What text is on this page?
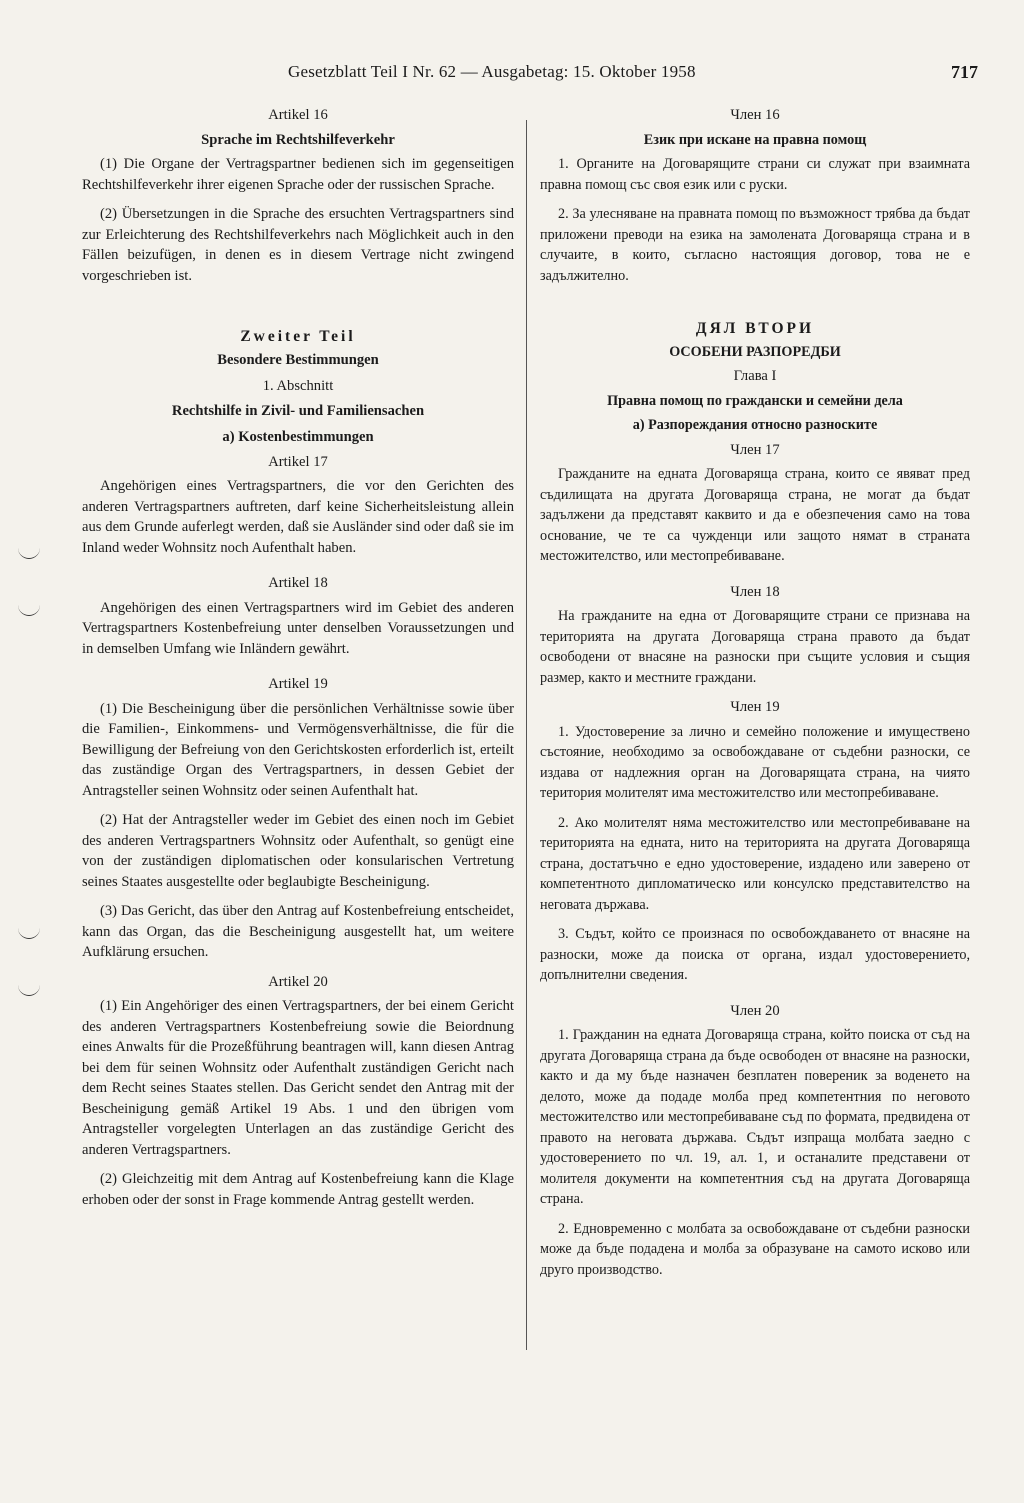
Gesetzblatt Teil I Nr. 62 — Ausgabetag: 15. Oktober 1958	717
Artikel 16
Sprache im Rechtshilfeverkehr

(1) Die Organe der Vertragspartner bedienen sich im gegenseitigen Rechtshilfeverkehr ihrer eigenen Sprache oder der russischen Sprache.

(2) Übersetzungen in die Sprache des ersuchten Vertragspartners sind zur Erleichterung des Rechtshilfeverkehrs nach Möglichkeit auch in den Fällen beizufügen, in denen es in diesem Vertrage nicht zwingend vorgeschrieben ist.

Zweiter Teil
Besondere Bestimmungen
1. Abschnitt
Rechtshilfe in Zivil- und Familiensachen
a) Kostenbestimmungen
Artikel 17

Angehörigen eines Vertragspartners, die vor den Gerichten des anderen Vertragspartners auftreten, darf keine Sicherheitsleistung allein aus dem Grunde auferlegt werden, daß sie Ausländer sind oder daß sie im Inland weder Wohnsitz noch Aufenthalt haben.

Artikel 18

Angehörigen des einen Vertragspartners wird im Gebiet des anderen Vertragspartners Kostenbefreiung unter denselben Voraussetzungen und in demselben Umfang wie Inländern gewährt.

Artikel 19

(1) Die Bescheinigung über die persönlichen Verhältnisse sowie über die Familien-, Einkommens- und Vermögensverhältnisse, die für die Bewilligung der Befreiung von den Gerichtskosten erforderlich ist, erteilt das zuständige Organ des Vertragspartners, in dessen Gebiet der Antragsteller seinen Wohnsitz oder seinen Aufenthalt hat.

(2) Hat der Antragsteller weder im Gebiet des einen noch im Gebiet des anderen Vertragspartners Wohnsitz oder Aufenthalt, so genügt eine von der zuständigen diplomatischen oder konsularischen Vertretung seines Staates ausgestellte oder beglaubigte Bescheinigung.

(3) Das Gericht, das über den Antrag auf Kostenbefreiung entscheidet, kann das Organ, das die Bescheinigung ausgestellt hat, um weitere Aufklärung ersuchen.

Artikel 20

(1) Ein Angehöriger des einen Vertragspartners, der bei einem Gericht des anderen Vertragspartners Kostenbefreiung sowie die Beiordnung eines Anwalts für die Prozeßführung beantragen will, kann diesen Antrag bei dem für seinen Wohnsitz oder Aufenthalt zuständigen Gericht nach dem Recht seines Staates stellen. Das Gericht sendet den Antrag mit der Bescheinigung gemäß Artikel 19 Abs. 1 und den übrigen vom Antragsteller vorgelegten Unterlagen an das zuständige Gericht des anderen Vertragspartners.

(2) Gleichzeitig mit dem Antrag auf Kostenbefreiung kann die Klage erhoben oder der sonst in Frage kommende Antrag gestellt werden.

Член 16
Език при искане на правна помощ

1. Органите на Договарящите страни си служат при взаимната правна помощ със своя език или с руски.

2. За улесняване на правната помощ по възможност трябва да бъдат приложени преводи на езика на замолената Договаряща страна и в случаите, в които, съгласно настоящия договор, това не е задължително.

ДЯЛ ВТОРИ
ОСОБЕНИ РАЗПОРЕДБИ
Глава I
Правна помощ по граждански и семейни дела
а) Разпореждания относно разноските
Член 17

Гражданите на едната Договаряща страна, които се явяват пред съдилищата на другата Договаряща страна, не могат да бъдат задължени да представят каквито и да е обезпечения само на това основание, че те са чужденци или защото нямат в страната местожителство, или местопребиваване.

Член 18

На гражданите на една от Договарящите страни се признава на територията на другата Договаряща страна правото да бъдат освободени от внасяне на разноски при същите условия и същия размер, както и местните граждани.

Член 19

1. Удостоверение за лично и семейно положение и имуществено състояние, необходимо за освобождаване от съдебни разноски, се издава от надлежния орган на Договарящата страна, на чиято територия молителят има местожителство или местопребиваване.

2. Ако молителят няма местожителство или местопребиваване на територията на едната, нито на територията на другата Договаряща страна, достатъчно е едно удостоверение, издадено или заверено от компетентното дипломатическо или консулско представителство на неговата държава.

3. Съдът, който се произнася по освобождаването от внасяне на разноски, може да поиска от органа, издал удостоверението, допълнителни сведения.

Член 20

1. Гражданин на едната Договаряща страна, който поиска от съд на другата Договаряща страна да бъде освободен от внасяне на разноски, както и да му бъде назначен безплатен повереник за воденето на делото, може да подаде молба пред компетентния по неговото местожителство или местопребиваване съд по формата, предвидена от правото на неговата държава. Съдът изпраща молбата заедно с удостоверението по чл. 19, ал. 1, и останалите представени от молителя документи на компетентния съд на другата Договаряща страна.

2. Едновременно с молбата за освобождаване от съдебни разноски може да бъде подадена и молба за образуване на самото исково или друго производство.
